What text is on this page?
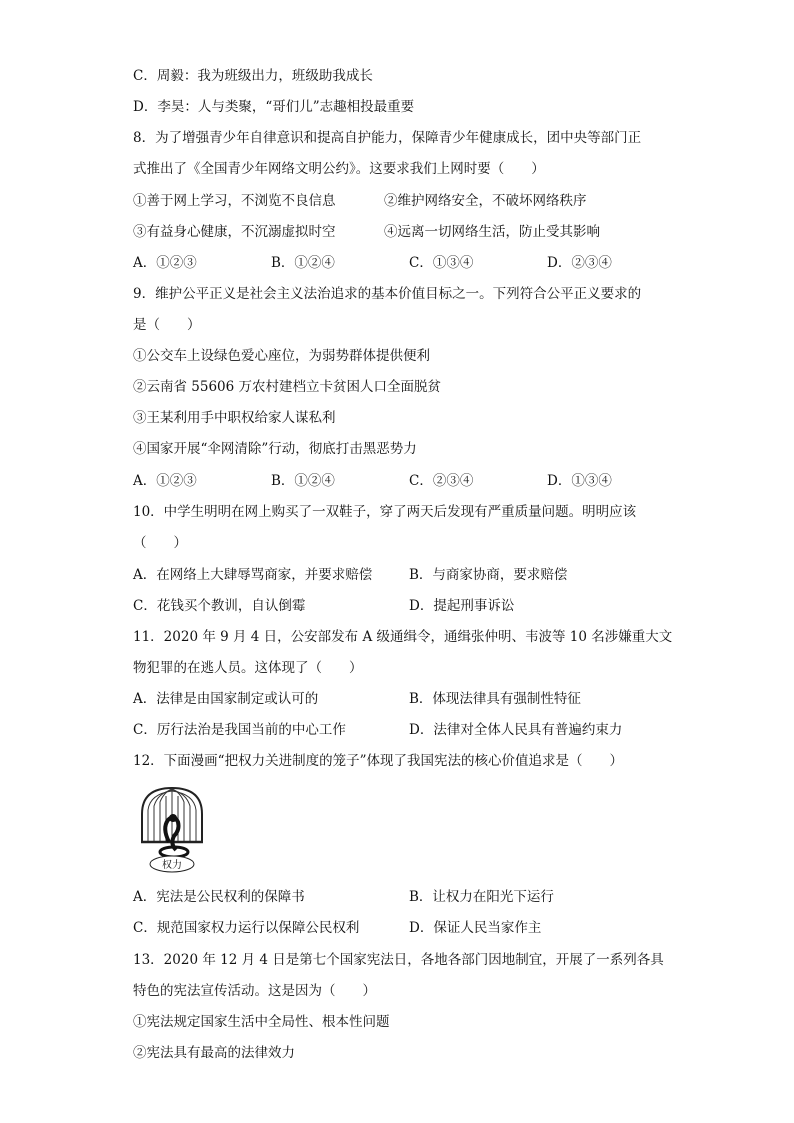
C．周毅：我为班级出力，班级助我成长
D．李昊：人与类聚，“哥们儿”志趣相投最重要
8．为了增强青少年自律意识和提高自护能力，保障青少年健康成长，团中央等部门正
式推出了《全国青少年网络文明公约》。这要求我们上网时要（　　）
①善于网上学习，不浏览不良信息	②维护网络安全，不破坏网络秩序
③有益身心健康，不沉溺虚拟时空	④远离一切网络生活，防止受其影响
A．①②③	B．①②④	C．①③④	D．②③④
9．维护公平正义是社会主义法治追求的基本价值目标之一。下列符合公平正义要求的
是（　　）
①公交车上设绿色爱心座位，为弱势群体提供便利
②云南省 55606 万农村建档立卡贫困人口全面脱贫
③王某利用手中职权给家人谋私利
④国家开展“伞网清除”行动，彻底打击黑恶势力
A．①②③	B．①②④	C．②③④	D．①③④
10．中学生明明在网上购买了一双鞋子，穿了两天后发现有严重质量问题。明明应该
（　　）
A．在网络上大肆辱骂商家，并要求赔偿	B．与商家协商，要求赔偿
C．花钱买个教训，自认倒霉	D．提起刑事诉讼
11．2020 年 9 月 4 日，公安部发布 A 级通缉令，通缉张仲明、韦波等 10 名涉嫌重大文
物犯罪的在逃人员。这体现了（　　）
A．法律是由国家制定或认可的	B．体现法律具有强制性特征
C．厉行法治是我国当前的中心工作	D．法律对全体人民具有普遍约束力
12．下面漫画“把权力关进制度的笼子”体现了我国宪法的核心价值追求是（　　）
权力
A．宪法是公民权利的保障书	B．让权力在阳光下运行
C．规范国家权力运行以保障公民权利	D．保证人民当家作主
13．2020 年 12 月 4 日是第七个国家宪法日，各地各部门因地制宜，开展了一系列各具
特色的宪法宣传活动。这是因为（　　）
①宪法规定国家生活中全局性、根本性问题
②宪法具有最高的法律效力
